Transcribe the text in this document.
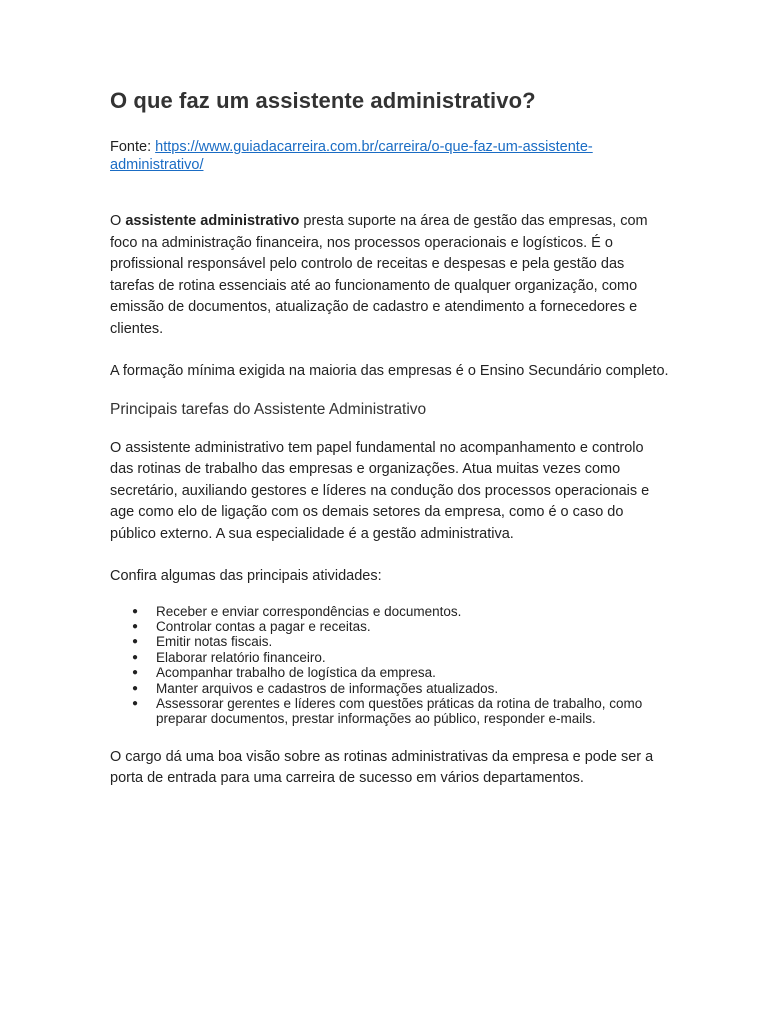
O que faz um assistente administrativo?
Fonte: https://www.guiadacarreira.com.br/carreira/o-que-faz-um-assistente-
administrativo/

O assistente administrativo presta suporte na área de gestão das empresas, com foco na administração financeira, nos processos operacionais e logísticos. É o profissional responsável pelo controlo de receitas e despesas e pela gestão das tarefas de rotina essenciais até ao funcionamento de qualquer organização, como emissão de documentos, atualização de cadastro e atendimento a fornecedores e clientes.

A formação mínima exigida na maioria das empresas é o Ensino Secundário completo.

Principais tarefas do Assistente Administrativo

O assistente administrativo tem papel fundamental no acompanhamento e controlo das rotinas de trabalho das empresas e organizações. Atua muitas vezes como secretário, auxiliando gestores e líderes na condução dos processos operacionais e age como elo de ligação com os demais setores da empresa, como é o caso do público externo. A sua especialidade é a gestão administrativa.

Confira algumas das principais atividades:

● Receber e enviar correspondências e documentos.
● Controlar contas a pagar e receitas.
● Emitir notas fiscais.
● Elaborar relatório financeiro.
● Acompanhar trabalho de logística da empresa.
● Manter arquivos e cadastros de informações atualizados.
● Assessorar gerentes e líderes com questões práticas da rotina de trabalho, como preparar documentos, prestar informações ao público, responder e-mails.

O cargo dá uma boa visão sobre as rotinas administrativas da empresa e pode ser a porta de entrada para uma carreira de sucesso em vários departamentos.
